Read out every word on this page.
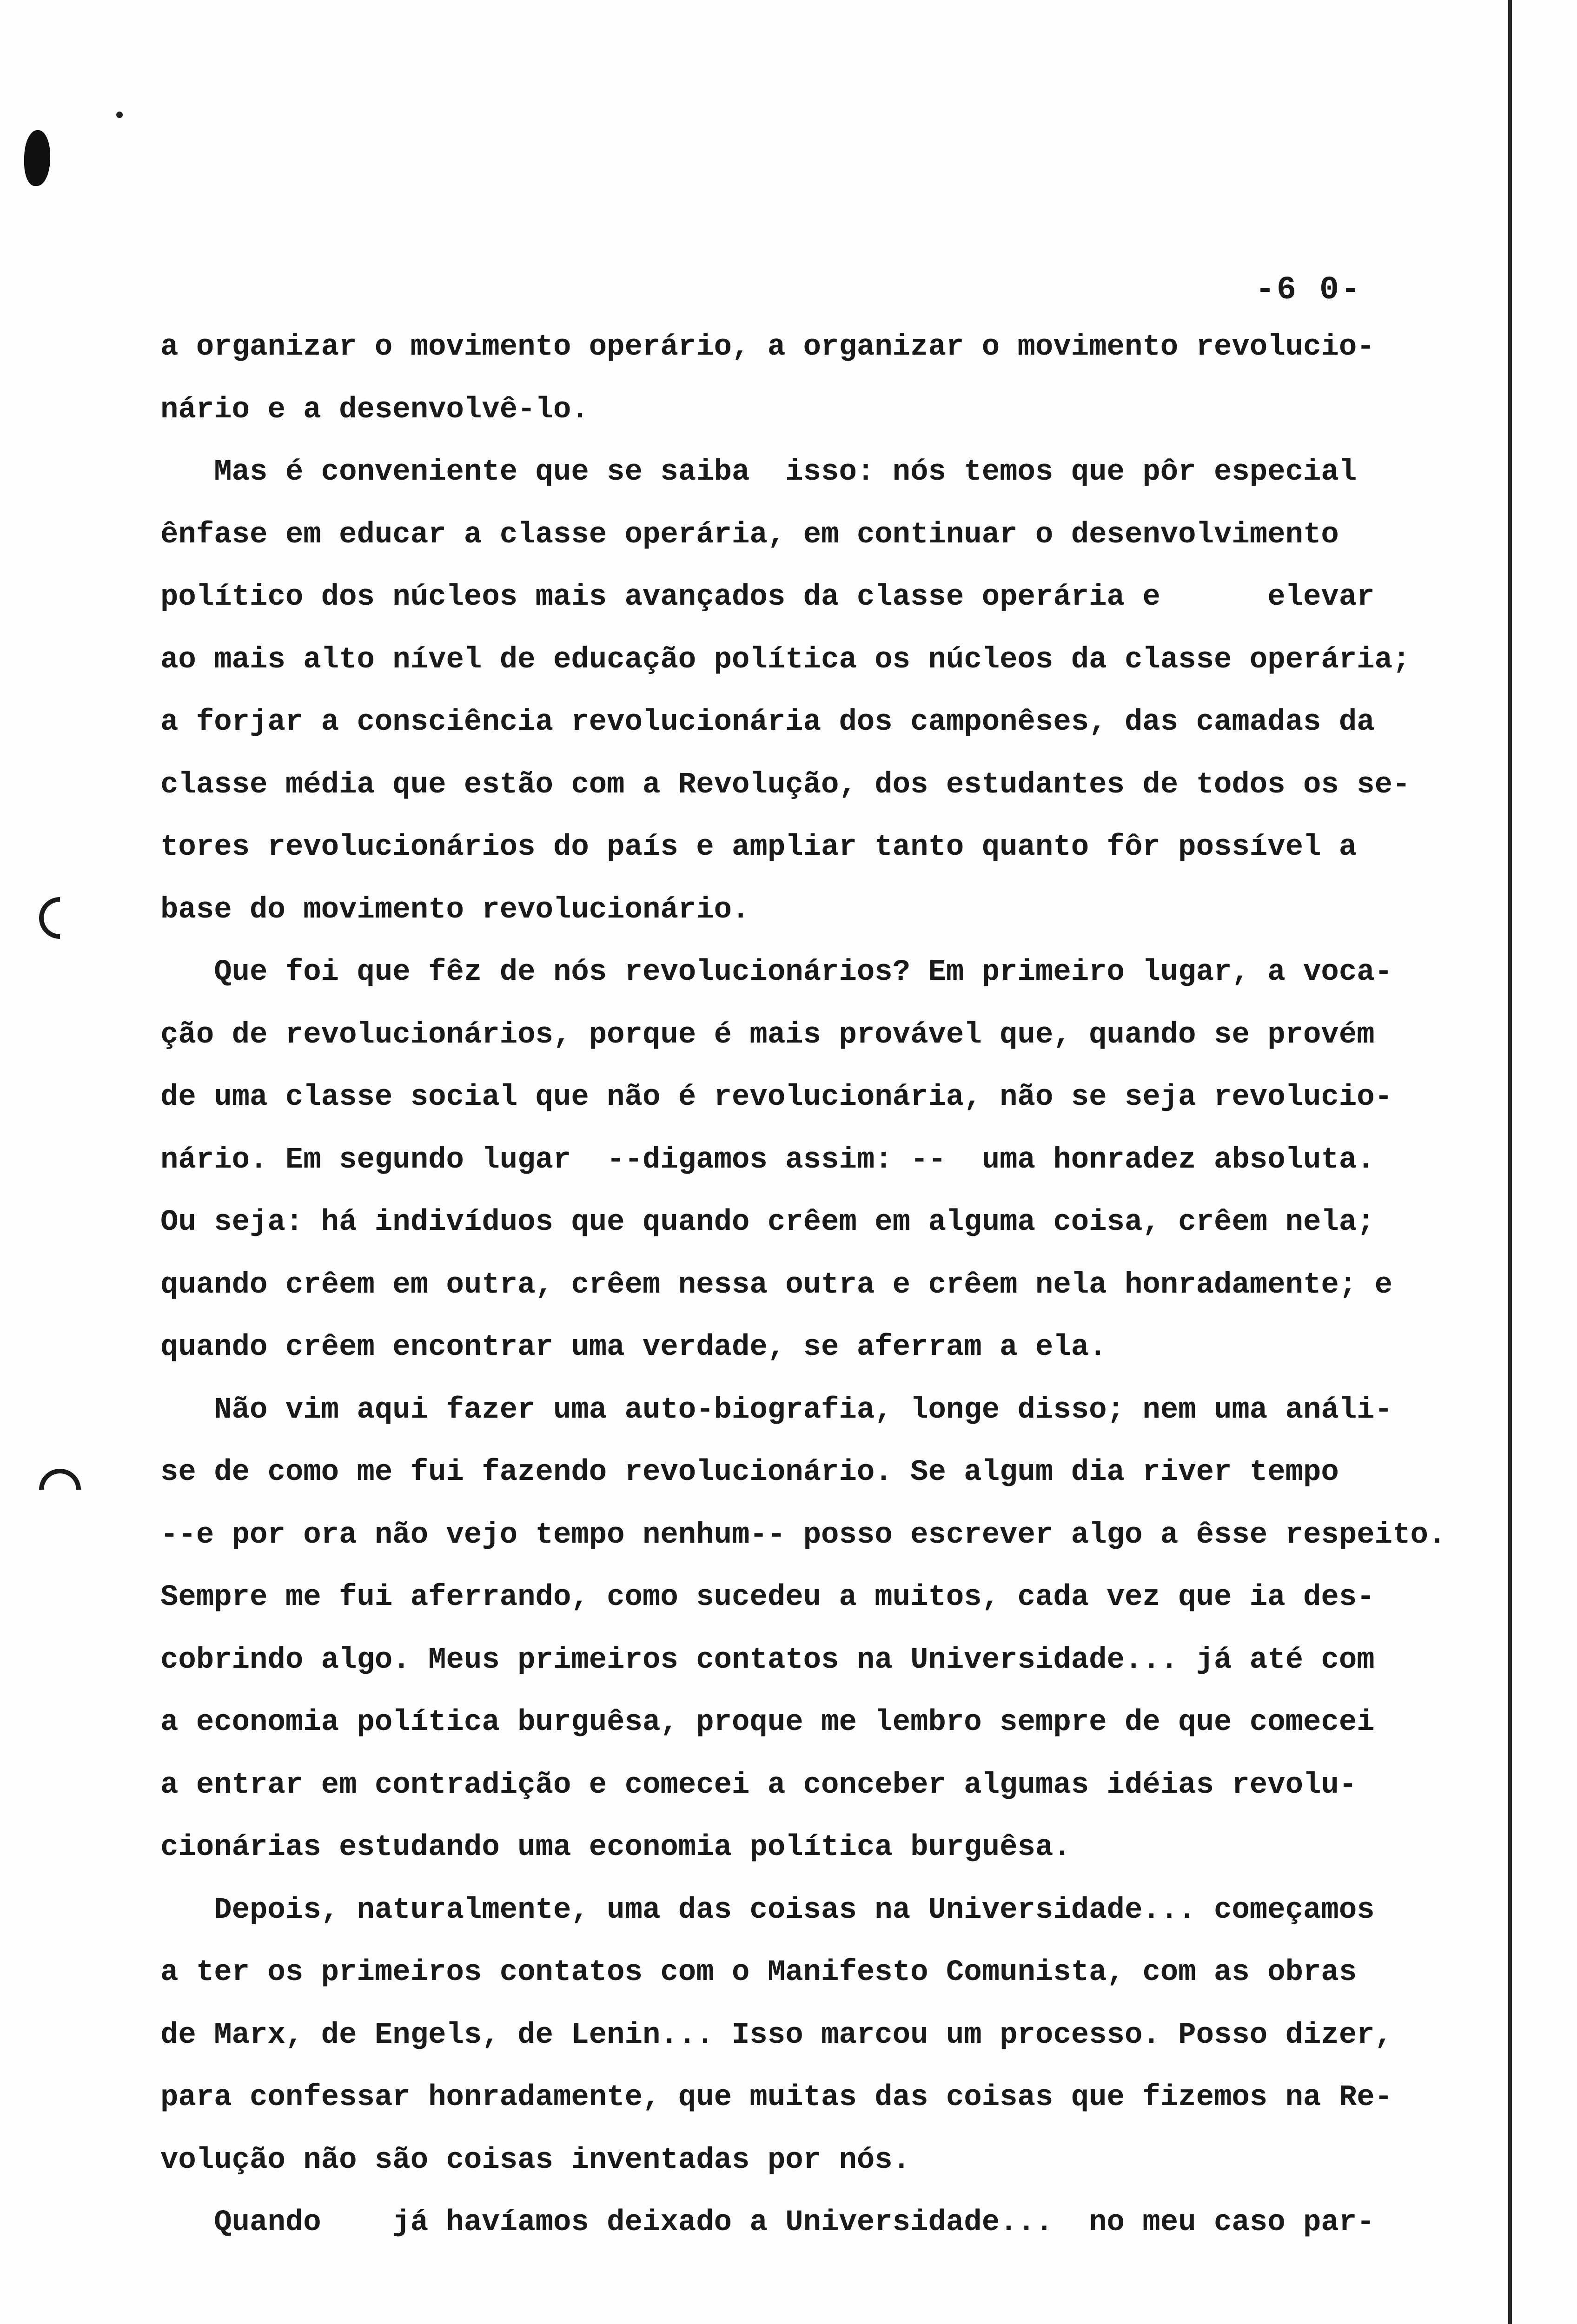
-6 0-
a organizar o movimento operário, a organizar o movimento revolucio-
nário e a desenvolvê-lo.
Mas é conveniente que se saiba  isso: nós temos que pôr especial
ênfase em educar a classe operária, em continuar o desenvolvimento
político dos núcleos mais avançados da classe operária e      elevar
ao mais alto nível de educação política os núcleos da classe operária;
a forjar a consciência revolucionária dos camponêses, das camadas da
classe média que estão com a Revolução, dos estudantes de todos os se-
tores revolucionários do país e ampliar tanto quanto fôr possível a
base do movimento revolucionário.
Que foi que fêz de nós revolucionários? Em primeiro lugar, a voca-
ção de revolucionários, porque é mais provável que, quando se provém
de uma classe social que não é revolucionária, não se seja revolucio-
nário. Em segundo lugar  --digamos assim: --  uma honradez absoluta.
Ou seja: há indivíduos que quando crêem em alguma coisa, crêem nela;
quando crêem em outra, crêem nessa outra e crêem nela honradamente; e
quando crêem encontrar uma verdade, se aferram a ela.
Não vim aqui fazer uma auto-biografia, longe disso; nem uma análi-
se de como me fui fazendo revolucionário. Se algum dia river tempo
--e por ora não vejo tempo nenhum-- posso escrever algo a êsse respeito.
Sempre me fui aferrando, como sucedeu a muitos, cada vez que ia des-
cobrindo algo. Meus primeiros contatos na Universidade... já até com
a economia política burguêsa, proque me lembro sempre de que comecei
a entrar em contradição e comecei a conceber algumas idéias revolu-
cionárias estudando uma economia política burguêsa.
Depois, naturalmente, uma das coisas na Universidade... começamos
a ter os primeiros contatos com o Manifesto Comunista, com as obras
de Marx, de Engels, de Lenin... Isso marcou um processo. Posso dizer,
para confessar honradamente, que muitas das coisas que fizemos na Re-
volução não são coisas inventadas por nós.
Quando    já havíamos deixado a Universidade...  no meu caso par-
